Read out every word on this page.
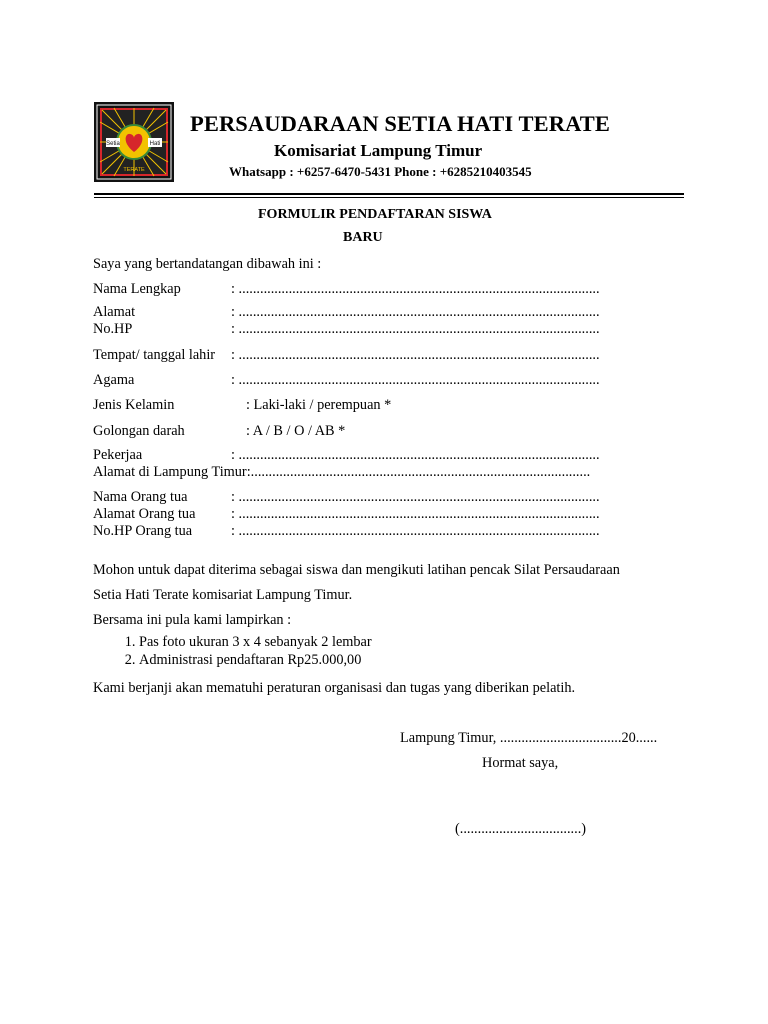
Setia	Hati
TERATE
PERSAUDARAAN SETIA HATI TERATE
Komisariat Lampung Timur
Whatsapp : +6257-6470-5431 Phone : +6285210403545
FORMULIR PENDAFTARAN SISWA
BARU
Saya yang bertandatangan dibawah ini :
Nama Lengkap	: .....................................................................................................
Alamat	: .....................................................................................................
No.HP	: .....................................................................................................
Tempat/ tanggal lahir : .....................................................................................................
Agama	: .....................................................................................................
Jenis Kelamin	: Laki-laki / perempuan *
Golongan darah	: A / B / O / AB *
Pekerjaa	: .....................................................................................................
Alamat di Lampung Timur:...............................................................................................
Nama Orang tua	: .....................................................................................................
Alamat Orang tua : .....................................................................................................
No.HP Orang tua	: .....................................................................................................
Mohon untuk dapat diterima sebagai siswa dan mengikuti latihan pencak Silat Persaudaraan
Setia Hati Terate komisariat Lampung Timur.
Bersama ini pula kami lampirkan :
1. Pas foto ukuran 3 x 4 sebanyak 2 lembar
2. Administrasi pendaftaran Rp25.000,00
Kami berjanji akan mematuhi peraturan organisasi dan tugas yang diberikan pelatih.
Lampung Timur, ..................................20......
Hormat saya,
(..................................)
